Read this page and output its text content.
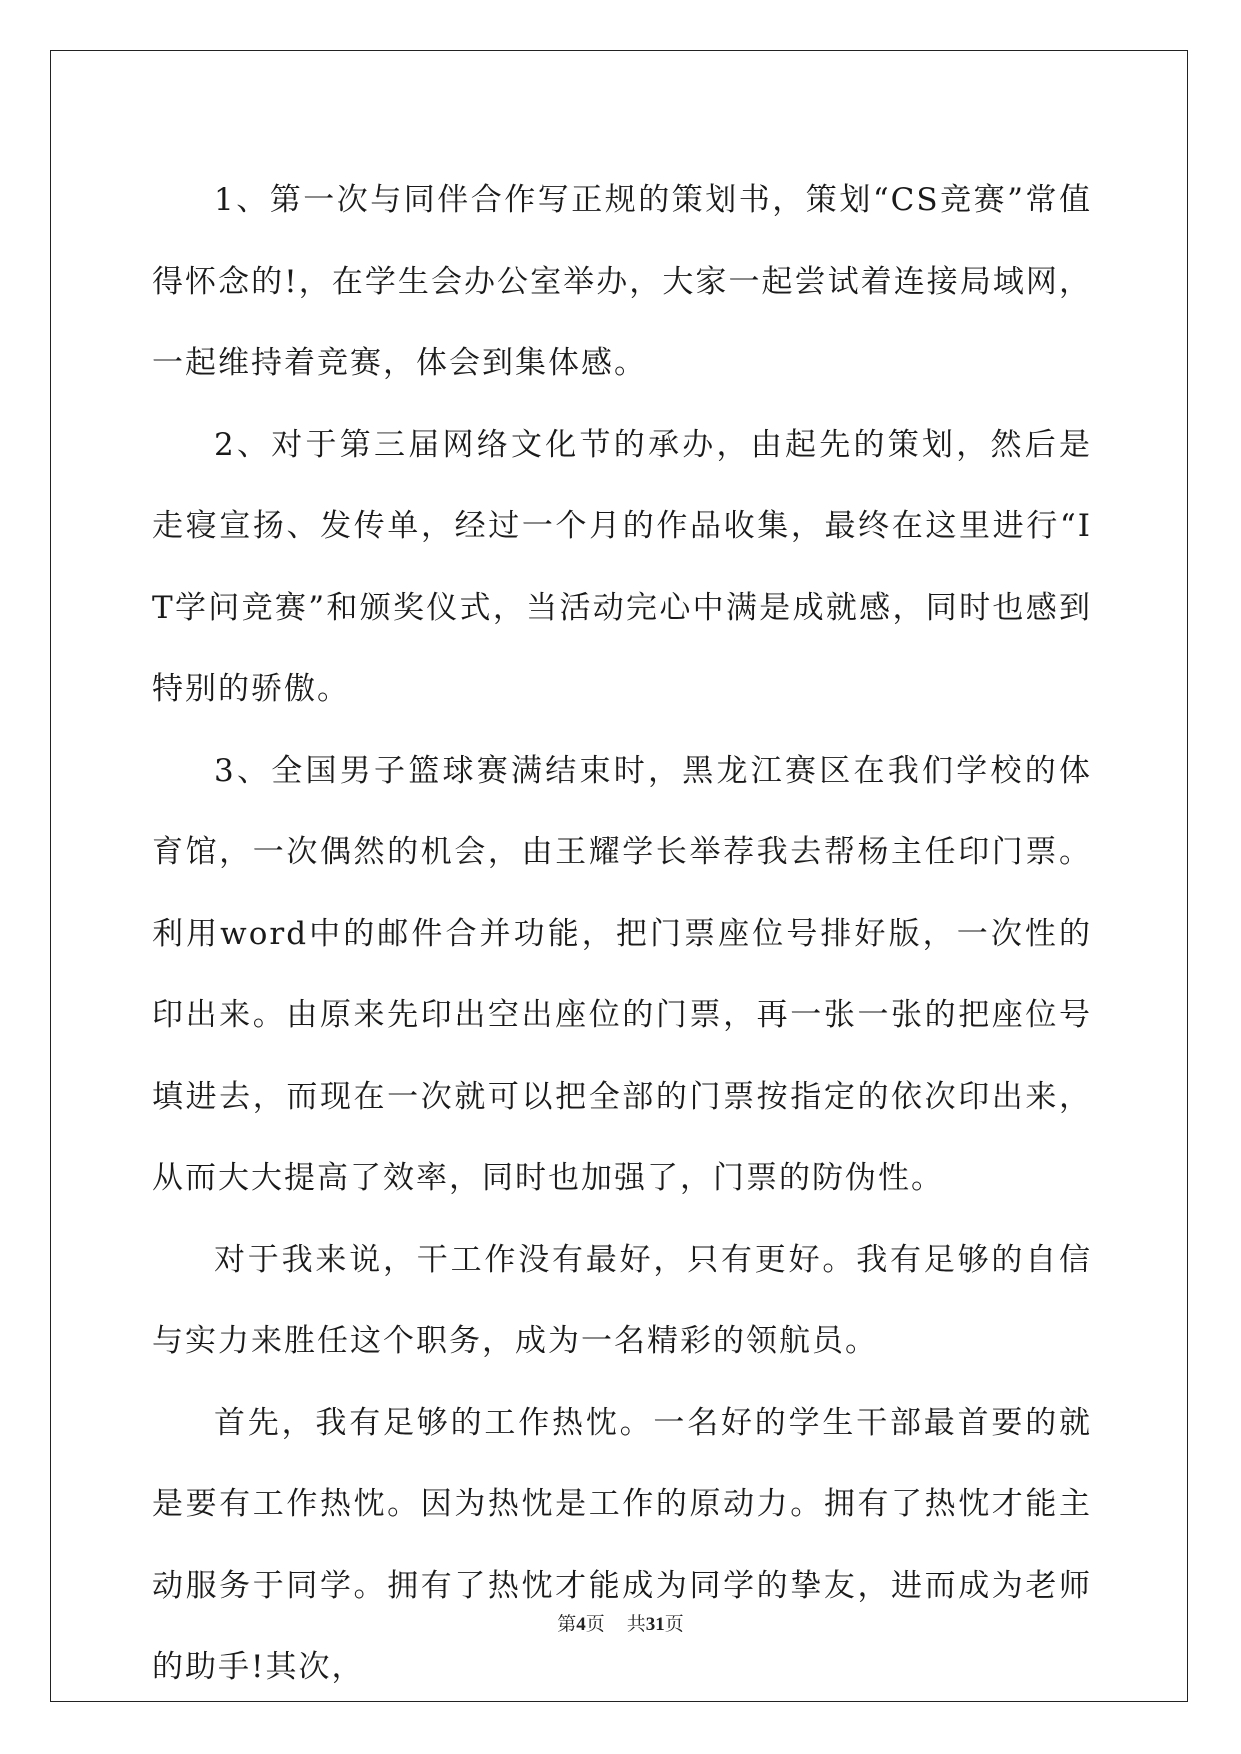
1、第一次与同伴合作写正规的策划书，策划“CS竞赛”常值得怀念的!，在学生会办公室举办，大家一起尝试着连接局域网，一起维持着竞赛，体会到集体感。

2、对于第三届网络文化节的承办，由起先的策划，然后是走寝宣扬、发传单，经过一个月的作品收集，最终在这里进行“IT学问竞赛”和颁奖仪式，当活动完心中满是成就感，同时也感到特别的骄傲。

3、全国男子篮球赛满结束时，黑龙江赛区在我们学校的体育馆，一次偶然的机会，由王耀学长举荐我去帮杨主任印门票。利用word中的邮件合并功能，把门票座位号排好版，一次性的印出来。由原来先印出空出座位的门票，再一张一张的把座位号填进去，而现在一次就可以把全部的门票按指定的依次印出来，从而大大提高了效率，同时也加强了，门票的防伪性。

对于我来说，干工作没有最好，只有更好。我有足够的自信与实力来胜任这个职务，成为一名精彩的领航员。

首先，我有足够的工作热忱。一名好的学生干部最首要的就是要有工作热忱。因为热忱是工作的原动力。拥有了热忱才能主动服务于同学。拥有了热忱才能成为同学的挚友，进而成为老师的助手!其次，

第4页 共31页
